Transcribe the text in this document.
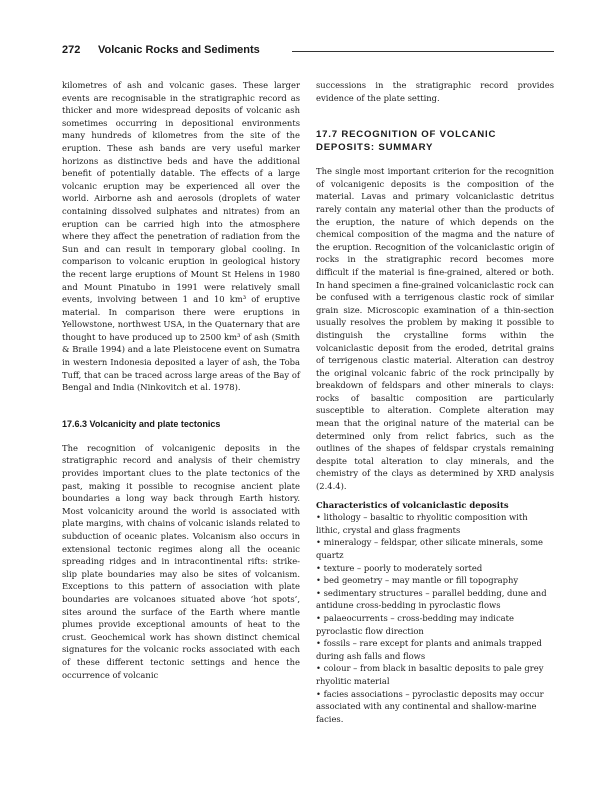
272 Volcanic Rocks and Sediments

kilometres of ash and volcanic gases. These larger events are recognisable in the stratigraphic record as thicker and more widespread deposits of volcanic ash sometimes occurring in depositional environments many hundreds of kilometres from the site of the eruption. These ash bands are very useful marker horizons as distinctive beds and have the additional benefit of potentially datable. The effects of a large volcanic eruption may be experienced all over the world. Airborne ash and aerosols (droplets of water containing dissolved sulphates and nitrates) from an eruption can be carried high into the atmosphere where they affect the penetration of radiation from the Sun and can result in temporary global cooling. In comparison to volcanic eruption in geological history the recent large eruptions of Mount St Helens in 1980 and Mount Pinatubo in 1991 were relatively small events, involving between 1 and 10 km³ of eruptive material. In comparison there were eruptions in Yellowstone, northwest USA, in the Quaternary that are thought to have produced up to 2500 km³ of ash (Smith & Braile 1994) and a late Pleistocene event on Sumatra in western Indonesia deposited a layer of ash, the Toba Tuff, that can be traced across large areas of the Bay of Bengal and India (Ninkovitch et al. 1978).

17.6.3 Volcanicity and plate tectonics

The recognition of volcanigenic deposits in the stratigraphic record and analysis of their chemistry provides important clues to the plate tectonics of the past, making it possible to recognise ancient plate boundaries a long way back through Earth history. Most volcanicity around the world is associated with plate margins, with chains of volcanic islands related to subduction of oceanic plates. Volcanism also occurs in extensional tectonic regimes along all the oceanic spreading ridges and in intracontinental rifts: strike-slip plate boundaries may also be sites of volcanism. Exceptions to this pattern of association with plate boundaries are volcanoes situated above ‘hot spots’, sites around the surface of the Earth where mantle plumes provide exceptional amounts of heat to the crust. Geochemical work has shown distinct chemical signatures for the volcanic rocks associated with each of these different tectonic settings and hence the occurrence of volcanic

successions in the stratigraphic record provides evidence of the plate setting.

17.7 RECOGNITION OF VOLCANIC DEPOSITS: SUMMARY

The single most important criterion for the recognition of volcanigenic deposits is the composition of the material. Lavas and primary volcaniclastic detritus rarely contain any material other than the products of the eruption, the nature of which depends on the chemical composition of the magma and the nature of the eruption. Recognition of the volcaniclastic origin of rocks in the stratigraphic record becomes more difficult if the material is fine-grained, altered or both. In hand specimen a fine-grained volcaniclastic rock can be confused with a terrigenous clastic rock of similar grain size. Microscopic examination of a thin-section usually resolves the problem by making it possible to distinguish the crystalline forms within the volcaniclastic deposit from the eroded, detrital grains of terrigenous clastic material. Alteration can destroy the original volcanic fabric of the rock principally by breakdown of feldspars and other minerals to clays: rocks of basaltic composition are particularly susceptible to alteration. Complete alteration may mean that the original nature of the material can be determined only from relict fabrics, such as the outlines of the shapes of feldspar crystals remaining despite total alteration to clay minerals, and the chemistry of the clays as determined by XRD analysis (2.4.4).

Characteristics of volcaniclastic deposits

• lithology – basaltic to rhyolitic composition with lithic, crystal and glass fragments
• mineralogy – feldspar, other silicate minerals, some quartz
• texture – poorly to moderately sorted
• bed geometry – may mantle or fill topography
• sedimentary structures – parallel bedding, dune and antidune cross-bedding in pyroclastic flows
• palaeocurrents – cross-bedding may indicate pyroclastic flow direction
• fossils – rare except for plants and animals trapped during ash falls and flows
• colour – from black in basaltic deposits to pale grey rhyolitic material
• facies associations – pyroclastic deposits may occur associated with any continental and shallow-marine facies.
